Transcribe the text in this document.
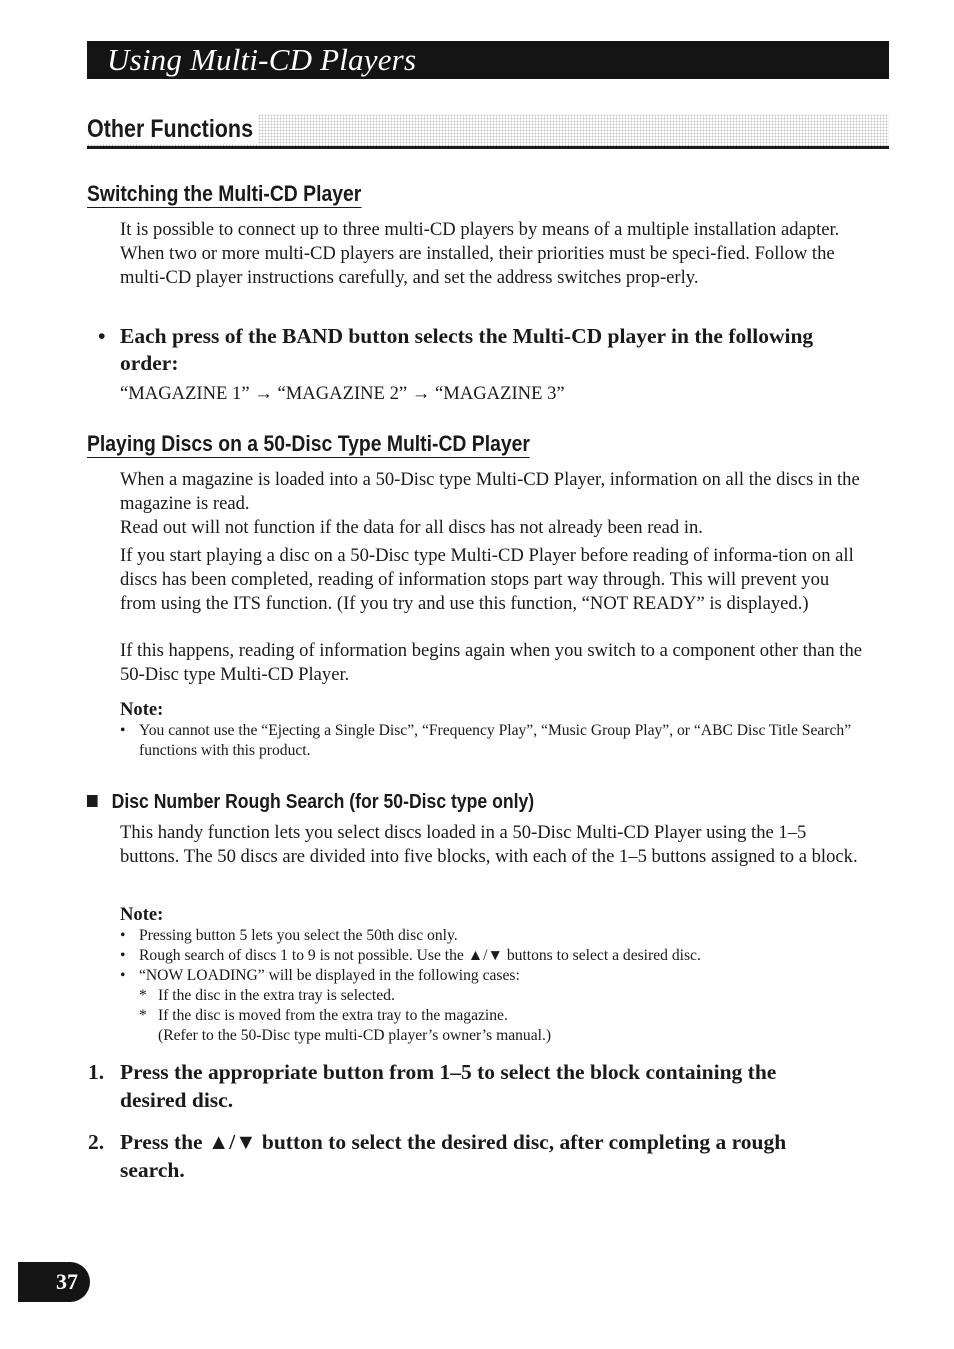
Using Multi-CD Players
Other Functions
Switching the Multi-CD Player

It is possible to connect up to three multi-CD players by means of a multiple installation adapter. When two or more multi-CD players are installed, their priorities must be speci-fied. Follow the multi-CD player instructions carefully, and set the address switches prop-erly.

• Each press of the BAND button selects the Multi-CD player in the following order:
“MAGAZINE 1” → “MAGAZINE 2” → “MAGAZINE 3”
Playing Discs on a 50-Disc Type Multi-CD Player

When a magazine is loaded into a 50-Disc type Multi-CD Player, information on all the discs in the magazine is read.

Read out will not function if the data for all discs has not already been read in.

If you start playing a disc on a 50-Disc type Multi-CD Player before reading of informa-tion on all discs has been completed, reading of information stops part way through. This will prevent you from using the ITS function. (If you try and use this function, “NOT READY” is displayed.)

If this happens, reading of information begins again when you switch to a component other than the 50-Disc type Multi-CD Player.

Note:
• You cannot use the “Ejecting a Single Disc”, “Frequency Play”, “Music Group Play”, or “ABC Disc Title Search” functions with this product.
Disc Number Rough Search (for 50-Disc type only)

This handy function lets you select discs loaded in a 50-Disc Multi-CD Player using the 1–5 buttons. The 50 discs are divided into five blocks, with each of the 1–5 buttons assigned to a block.

Note:
• Pressing button 5 lets you select the 50th disc only.
• Rough search of discs 1 to 9 is not possible. Use the ▲/▼ buttons to select a desired disc.
• “NOW LOADING” will be displayed in the following cases:
* If the disc in the extra tray is selected.
* If the disc is moved from the extra tray to the magazine.
(Refer to the 50-Disc type multi-CD player’s owner’s manual.)
1. Press the appropriate button from 1–5 to select the block containing the desired disc.
2. Press the ▲/▼ button to select the desired disc, after completing a rough search.
37
